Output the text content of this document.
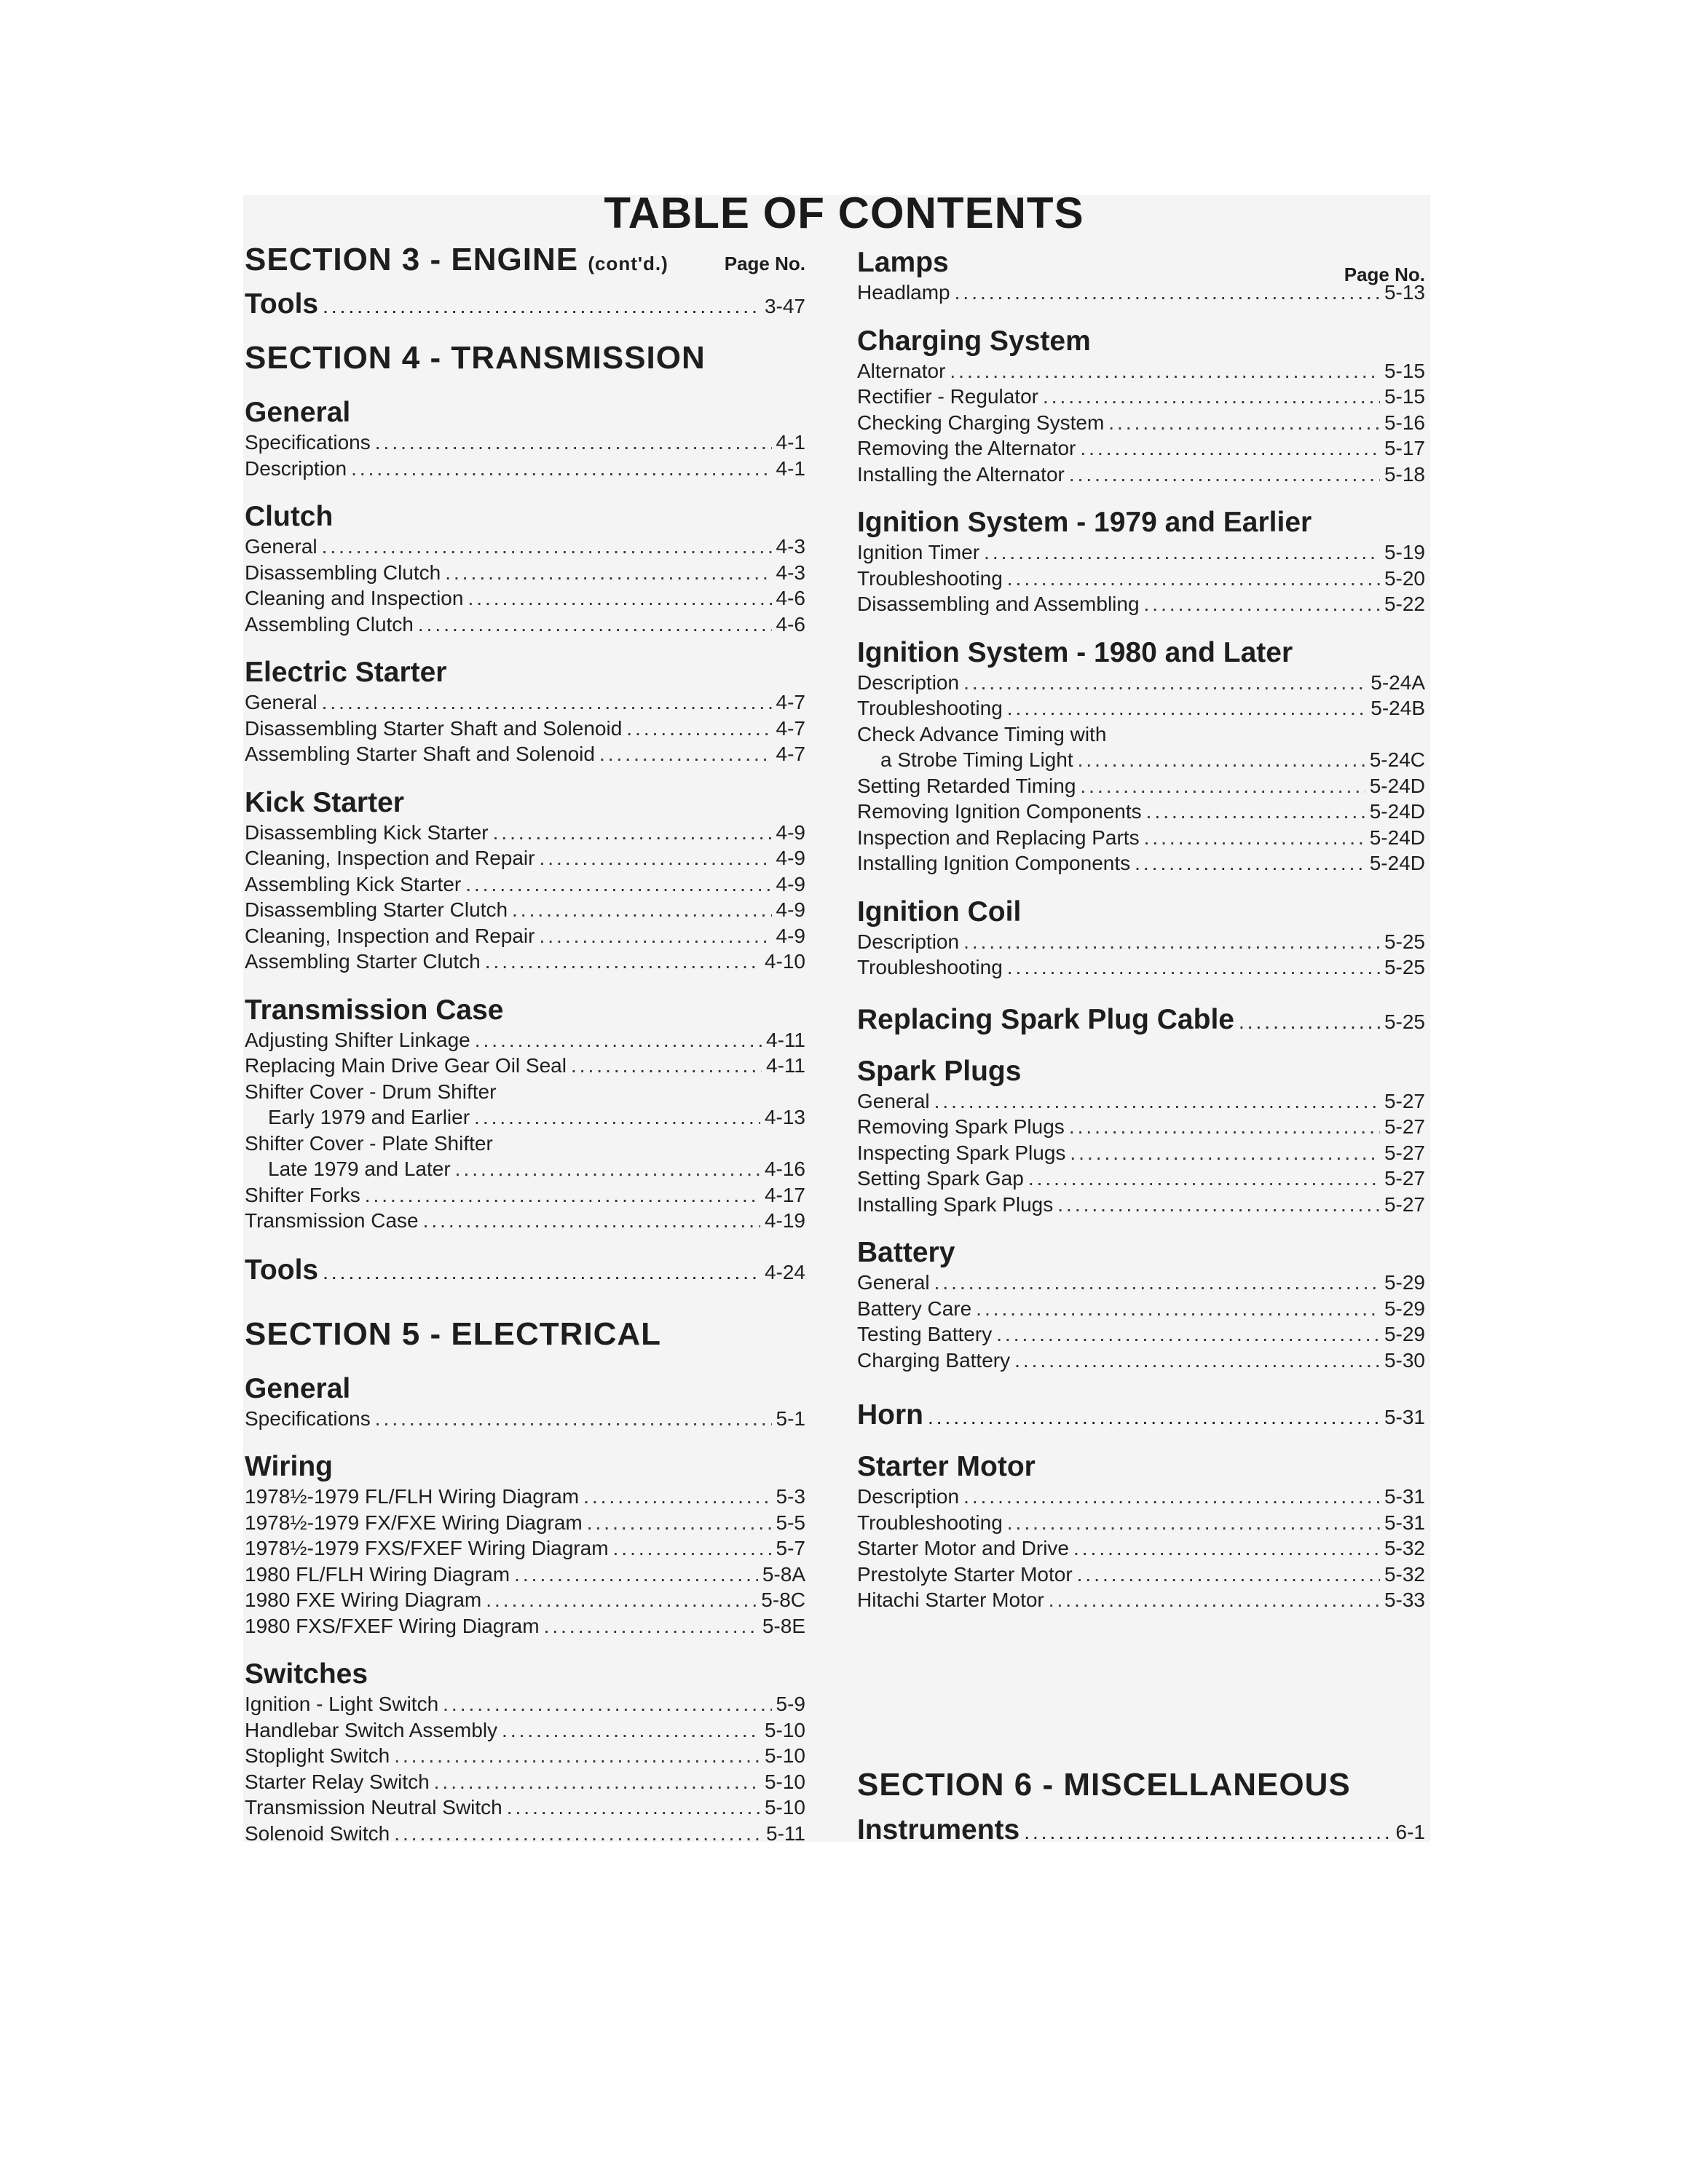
TABLE OF CONTENTS
SECTION 3 - ENGINE (cont'd.)	Page No.
Tools .....	3-47
SECTION 4 - TRANSMISSION
General
Specifications .....	4-1
Description .....	4-1
Clutch
General .....	4-3
Disassembling Clutch .....	4-3
Cleaning and Inspection .....	4-6
Assembling Clutch .....	4-6
Electric Starter
General .....	4-7
Disassembling Starter Shaft and Solenoid .....	4-7
Assembling Starter Shaft and Solenoid .....	4-7
Kick Starter
Disassembling Kick Starter .....	4-9
Cleaning, Inspection and Repair .....	4-9
Assembling Kick Starter .....	4-9
Disassembling Starter Clutch .....	4-9
Cleaning, Inspection and Repair .....	4-9
Assembling Starter Clutch .....	4-10
Transmission Case
Adjusting Shifter Linkage .....	4-11
Replacing Main Drive Gear Oil Seal .....	4-11
Shifter Cover - Drum Shifter
Early 1979 and Earlier .....	4-13
Shifter Cover - Plate Shifter
Late 1979 and Later .....	4-16
Shifter Forks .....	4-17
Transmission Case .....	4-19
Tools .....	4-24
SECTION 5 - ELECTRICAL
General
Specifications .....	5-1
Wiring
1978½-1979 FL/FLH Wiring Diagram .....	5-3
1978½-1979 FX/FXE Wiring Diagram .....	5-5
1978½-1979 FXS/FXEF Wiring Diagram .....	5-7
1980 FL/FLH Wiring Diagram .....	5-8A
1980 FXE Wiring Diagram .....	5-8C
1980 FXS/FXEF Wiring Diagram .....	5-8E
Switches
Ignition - Light Switch .....	5-9
Handlebar Switch Assembly .....	5-10
Stoplight Switch .....	5-10
Starter Relay Switch .....	5-10
Transmission Neutral Switch .....	5-10
Solenoid Switch .....	5-11
Page No.
Lamps
Headlamp .....	5-13
Charging System
Alternator .....	5-15
Rectifier - Regulator .....	5-15
Checking Charging System .....	5-16
Removing the Alternator .....	5-17
Installing the Alternator .....	5-18
Ignition System - 1979 and Earlier
Ignition Timer .....	5-19
Troubleshooting .....	5-20
Disassembling and Assembling .....	5-22
Ignition System - 1980 and Later
Description .....	5-24A
Troubleshooting .....	5-24B
Check Advance Timing with
a Strobe Timing Light .....	5-24C
Setting Retarded Timing .....	5-24D
Removing Ignition Components .....	5-24D
Inspection and Replacing Parts .....	5-24D
Installing Ignition Components .....	5-24D
Ignition Coil
Description .....	5-25
Troubleshooting .....	5-25
Replacing Spark Plug Cable .....	5-25
Spark Plugs
General .....	5-27
Removing Spark Plugs .....	5-27
Inspecting Spark Plugs .....	5-27
Setting Spark Gap .....	5-27
Installing Spark Plugs .....	5-27
Battery
General .....	5-29
Battery Care .....	5-29
Testing Battery .....	5-29
Charging Battery .....	5-30
Horn .....	5-31
Starter Motor
Description .....	5-31
Troubleshooting .....	5-31
Starter Motor and Drive .....	5-32
Prestolyte Starter Motor .....	5-32
Hitachi Starter Motor .....	5-33
SECTION 6 - MISCELLANEOUS
Instruments .....	6-1
